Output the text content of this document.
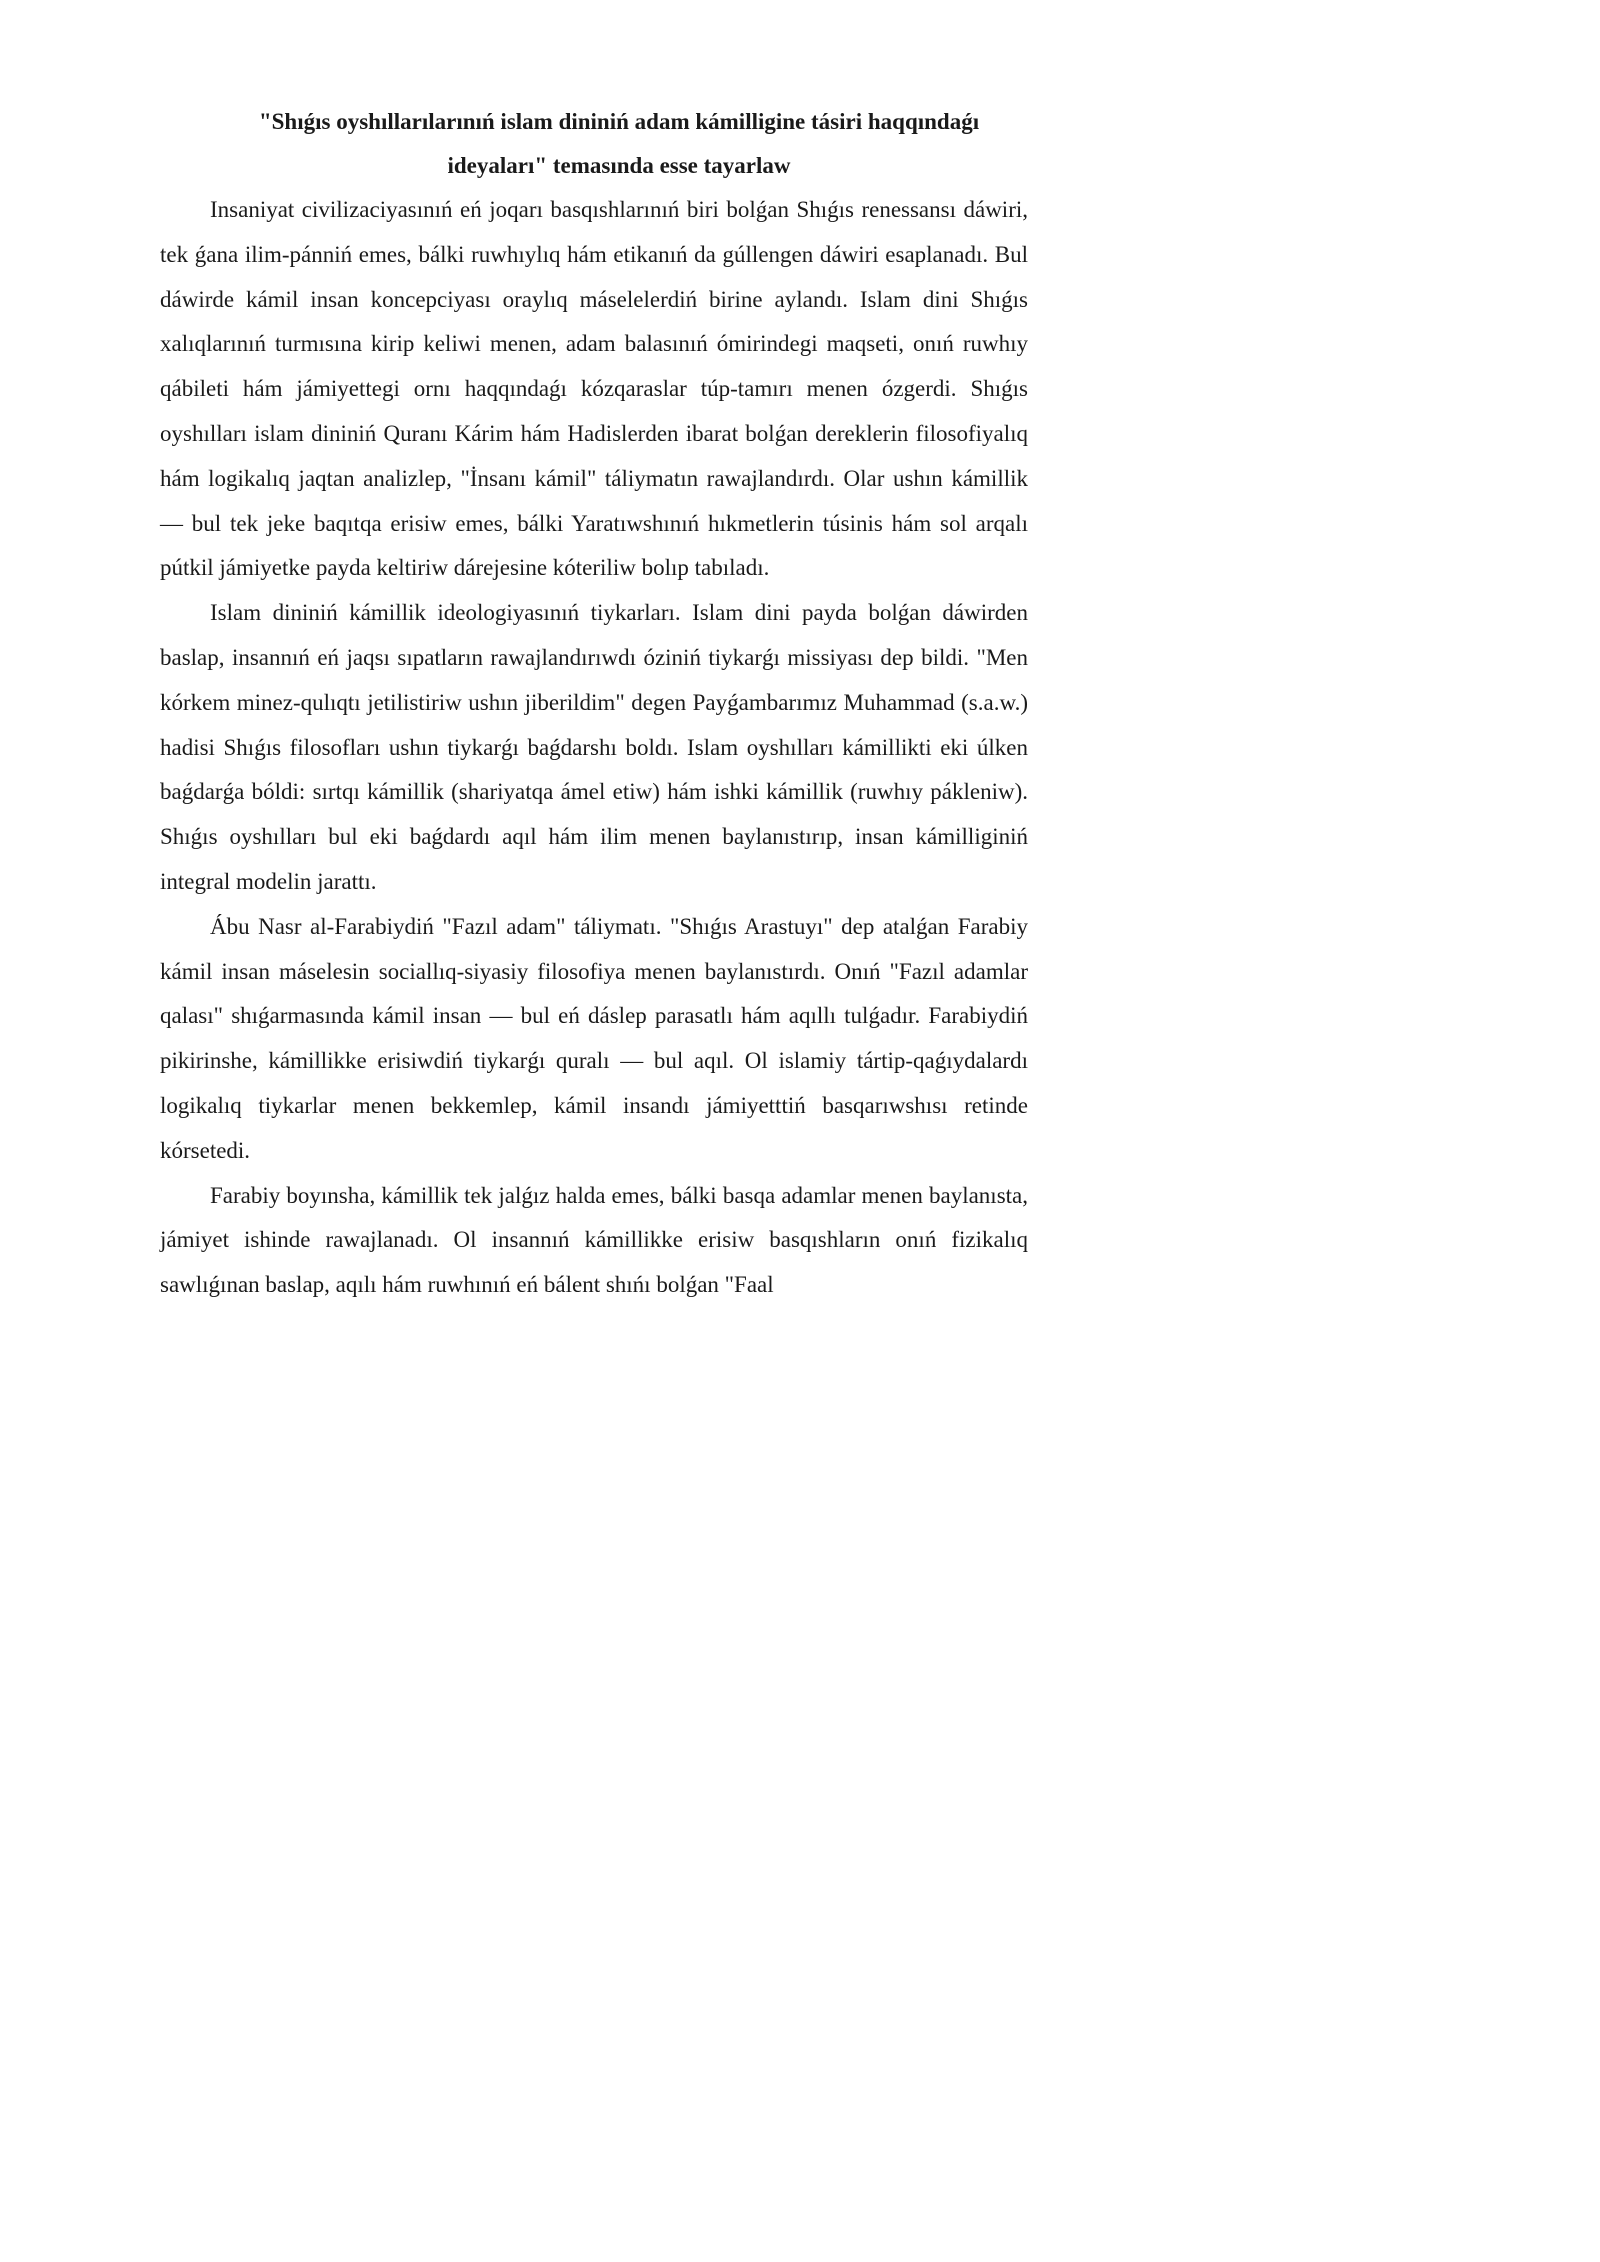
"Shıǵıs oyshıllarılarınıń islam dininiń adam kámilligine tásiri haqqındaǵı ideyaları" temasında esse tayarlaw

Insaniyat civilizaciyasınıń eń joqarı basqıshlarınıń biri bolǵan Shıǵıs renessansı dáwiri, tek ǵana ilim-pánniń emes, bálki ruwhıylıq hám etikanıń da gúllengen dáwiri esaplanadı. Bul dáwirde kámil insan koncepciyası oraylıq máselelerdiń birine aylandı. Islam dini Shıǵıs xalıqlarınıń turmısına kirip keliwi menen, adam balasınıń ómirindegi maqseti, onıń ruwhıy qábileti hám jámiyettegi ornı haqqındaǵı kózqaraslar túp-tamırı menen ózgerdi. Shıǵıs oyshılları islam dininiń Quranı Kárim hám Hadislerden ibarat bolǵan dereklerin filosofiyalıq hám logikalıq jaqtan analizlep, "İnsanı kámil" táliymatın rawajlandırdı. Olar ushın kámillik — bul tek jeke baqıtqa erisiw emes, bálki Yaratıwshınıń hıkmetlerin túsinis hám sol arqalı pútkil jámiyetke payda keltiriw dárejesine kóteriliw bolıp tabıladı.

Islam dininiń kámillik ideologiyasınıń tiykarları. Islam dini payda bolǵan dáwirden baslap, insannıń eń jaqsı sıpatların rawajlandırıwdı óziniń tiykarǵı missiyası dep bildi. "Men kórkem minez-qulıqtı jetilistiriw ushın jiberildim" degen Payǵambarımız Muhammad (s.a.w.) hadisi Shıǵıs filosofları ushın tiykarǵı baǵdarshı boldı. Islam oyshılları kámillikti eki úlken baǵdarǵa bóldi: sırtqı kámillik (shariyatqa ámel etiw) hám ishki kámillik (ruwhıy pákleniw). Shıǵıs oyshılları bul eki baǵdardı aqıl hám ilim menen baylanıstırıp, insan kámilliginiń integral modelin jarattı.

Ábu Nasr al-Farabiydiń "Fazıl adam" táliymatı. "Shıǵıs Arastuyı" dep atalǵan Farabiy kámil insan máselesin sociallıq-siyasiy filosofiya menen baylanıstırdı. Onıń "Fazıl adamlar qalası" shıǵarmasında kámil insan — bul eń dáslep parasatlı hám aqıllı tulǵadır. Farabiydiń pikirinshe, kámillikke erisiwdiń tiykarǵı quralı — bul aqıl. Ol islamiy tártip-qaǵıydalardı logikalıq tiykarlar menen bekkemlep, kámil insandı jámiyetttiń basqarıwshısı retinde kórsetedi.

Farabiy boyınsha, kámillik tek jalǵız halda emes, bálki basqa adamlar menen baylanısta, jámiyet ishinde rawajlanadı. Ol insannıń kámillikke erisiw basqıshların onıń fizikalıq sawlıǵınan baslap, aqılı hám ruwhınıń eń bálent shıńı bolǵan "Faal
